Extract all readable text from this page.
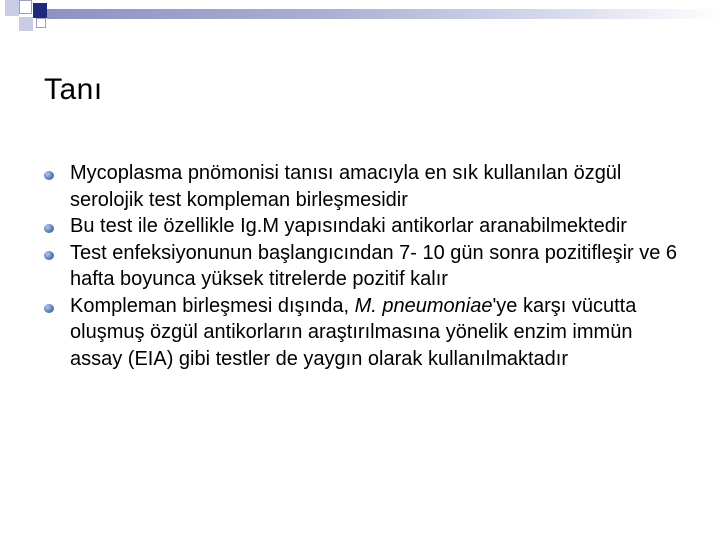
Tanı
Mycoplasma pnömonisi tanısı amacıyla en sık kullanılan özgül serolojik test kompleman birleşmesidir
Bu test ile özellikle Ig.M yapısındaki antikorlar aranabilmektedir
Test enfeksiyonunun başlangıcından 7- 10 gün sonra pozitifleşir ve 6 hafta boyunca yüksek titrelerde pozitif kalır
Kompleman birleşmesi dışında, M. pneumoniae'ye karşı vücutta oluşmuş özgül antikorların araştırılmasına yönelik enzim immün assay (EIA) gibi testler de yaygın olarak kullanılmaktadır
